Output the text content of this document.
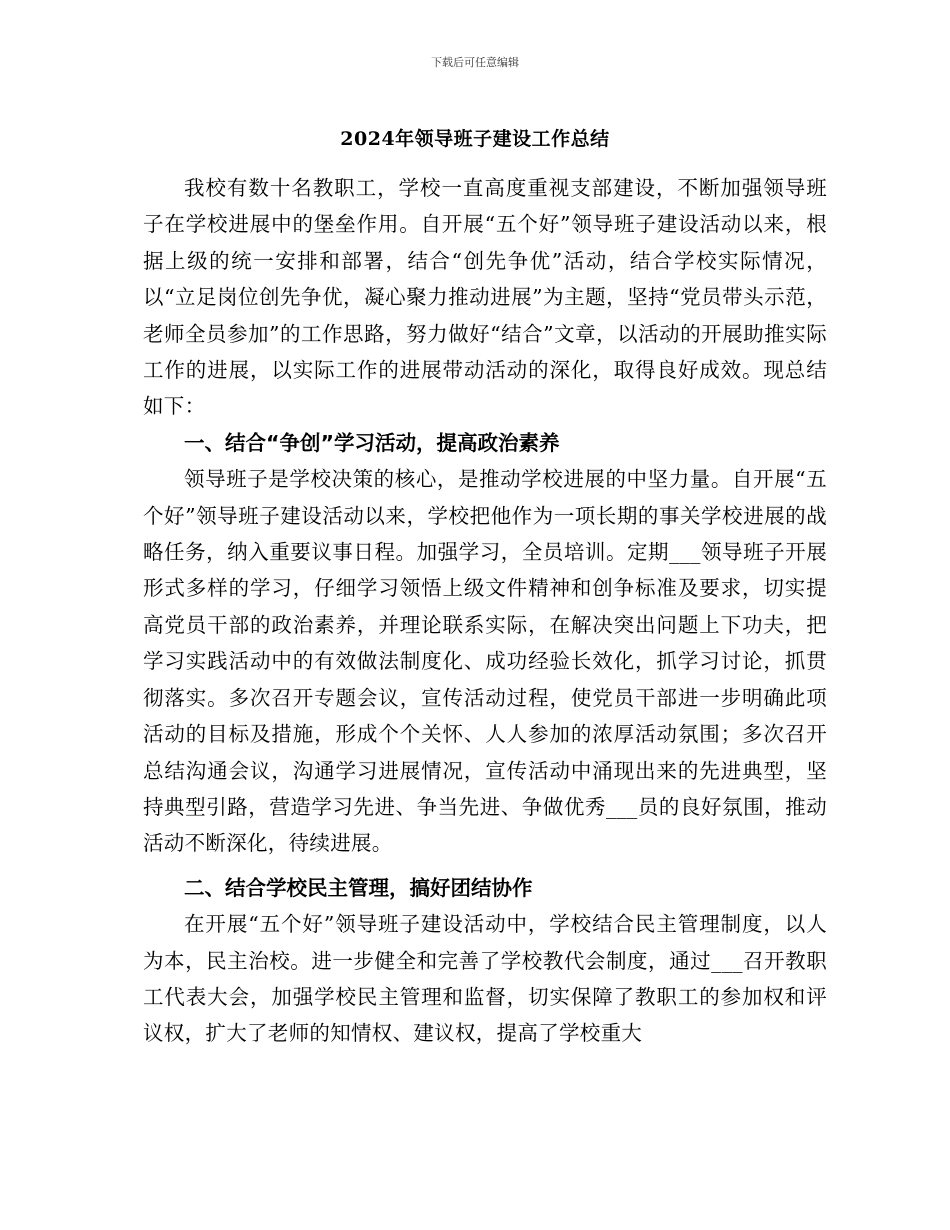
下载后可任意编辑
2024年领导班子建设工作总结

我校有数十名教职工，学校一直高度重视支部建设，不断加强领导班子在学校进展中的堡垒作用。自开展“五个好”领导班子建设活动以来，根据上级的统一安排和部署，结合“创先争优”活动，结合学校实际情况，以“立足岗位创先争优，凝心聚力推动进展”为主题，坚持“党员带头示范，老师全员参加”的工作思路，努力做好“结合”文章，以活动的开展助推实际工作的进展，以实际工作的进展带动活动的深化，取得良好成效。现总结如下：

一、结合“争创”学习活动，提高政治素养

领导班子是学校决策的核心，是推动学校进展的中坚力量。自开展“五个好”领导班子建设活动以来，学校把他作为一项长期的事关学校进展的战略任务，纳入重要议事日程。加强学习，全员培训。定期___领导班子开展形式多样的学习，仔细学习领悟上级文件精神和创争标准及要求，切实提高党员干部的政治素养，并理论联系实际，在解决突出问题上下功夫，把学习实践活动中的有效做法制度化、成功经验长效化，抓学习讨论，抓贯彻落实。多次召开专题会议，宣传活动过程，使党员干部进一步明确此项活动的目标及措施，形成个个关怀、人人参加的浓厚活动氛围；多次召开总结沟通会议，沟通学习进展情况，宣传活动中涌现出来的先进典型，坚持典型引路，营造学习先进、争当先进、争做优秀___员的良好氛围，推动活动不断深化，待续进展。

二、结合学校民主管理，搞好团结协作

在开展“五个好”领导班子建设活动中，学校结合民主管理制度，以人为本，民主治校。进一步健全和完善了学校教代会制度，通过___召开教职工代表大会，加强学校民主管理和监督，切实保障了教职工的参加权和评议权，扩大了老师的知情权、建议权，提高了学校重大
